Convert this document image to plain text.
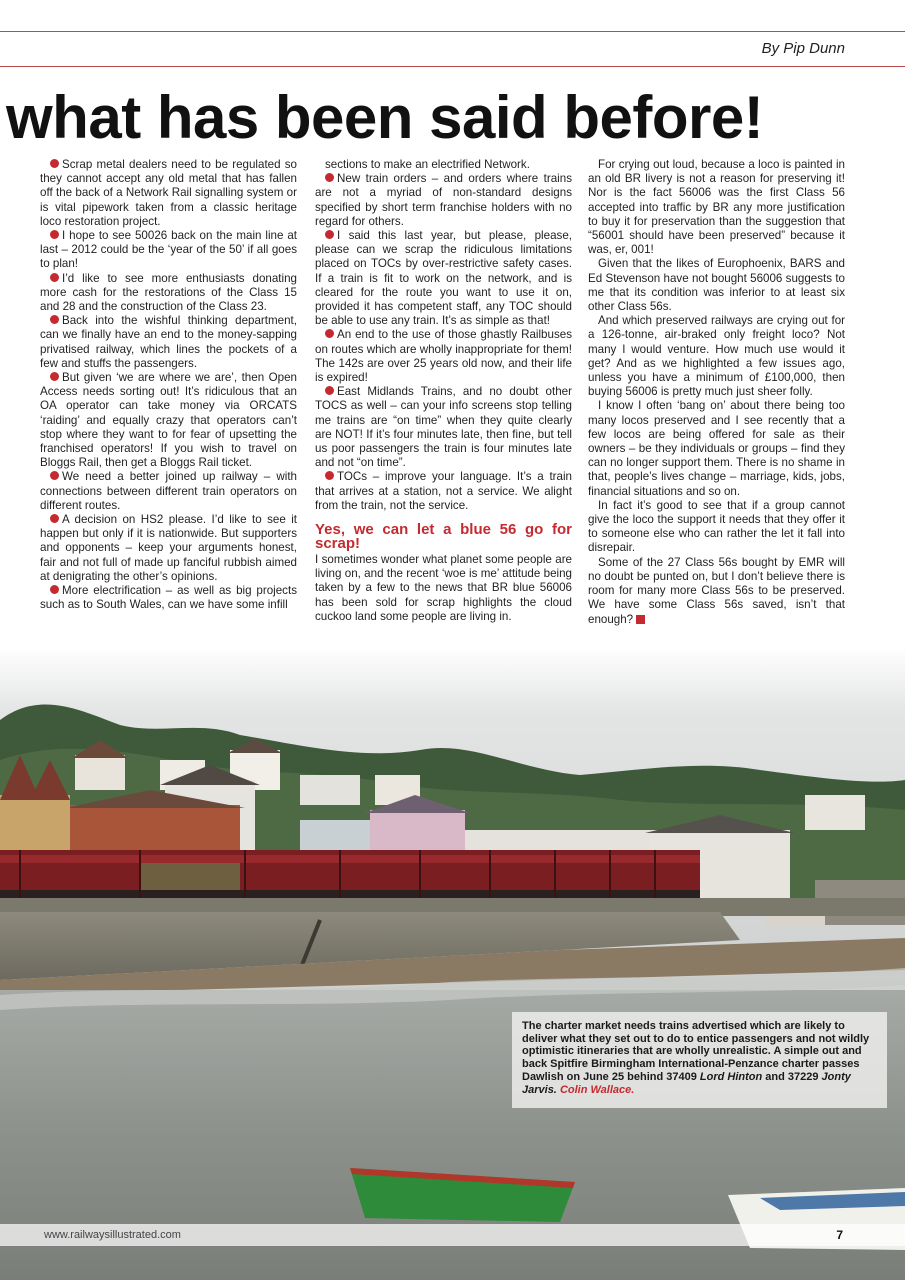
By Pip Dunn
what has been said before!

Scrap metal dealers need to be regulated so they cannot accept any old metal that has fallen off the back of a Network Rail signalling system or is vital pipework taken from a classic heritage loco restoration project.

I hope to see 50026 back on the main line at last – 2012 could be the ‘year of the 50’ if all goes to plan!

I’d like to see more enthusiasts donating more cash for the restorations of the Class 15 and 28 and the construction of the Class 23.

Back into the wishful thinking department, can we finally have an end to the money-sapping privatised railway, which lines the pockets of a few and stuffs the passengers.

But given ‘we are where we are’, then Open Access needs sorting out! It’s ridiculous that an OA operator can take money via ORCATS ‘raiding’ and equally crazy that operators can’t stop where they want to for fear of upsetting the franchised operators! If you wish to travel on Bloggs Rail, then get a Bloggs Rail ticket.

We need a better joined up railway – with connections between different train operators on different routes.

A decision on HS2 please. I’d like to see it happen but only if it is nationwide. But supporters and opponents – keep your arguments honest, fair and not full of made up fanciful rubbish aimed at denigrating the other’s opinions.

More electrification – as well as big projects such as to South Wales, can we have some infill

sections to make an electrified Network.

New train orders – and orders where trains are not a myriad of non-standard designs specified by short term franchise holders with no regard for others.

I said this last year, but please, please, please can we scrap the ridiculous limitations placed on TOCs by over-restrictive safety cases. If a train is fit to work on the network, and is cleared for the route you want to use it on, provided it has competent staff, any TOC should be able to use any train. It’s as simple as that!

An end to the use of those ghastly Railbuses on routes which are wholly inappropriate for them! The 142s are over 25 years old now, and their life is expired!

East Midlands Trains, and no doubt other TOCS as well – can your info screens stop telling me trains are “on time” when they quite clearly are NOT! If it’s four minutes late, then fine, but tell us poor passengers the train is four minutes late and not “on time”.

TOCs – improve your language. It’s a train that arrives at a station, not a service. We alight from the train, not the service.

Yes, we can let a blue 56 go for scrap!

I sometimes wonder what planet some people are living on, and the recent ‘woe is me’ attitude being taken by a few to the news that BR blue 56006 has been sold for scrap highlights the cloud cuckoo land some people are living in.

For crying out loud, because a loco is painted in an old BR livery is not a reason for preserving it! Nor is the fact 56006 was the first Class 56 accepted into traffic by BR any more justification to buy it for preservation than the suggestion that “56001 should have been preserved” because it was, er, 001!

Given that the likes of Europhoenix, BARS and Ed Stevenson have not bought 56006 suggests to me that its condition was inferior to at least six other Class 56s.

And which preserved railways are crying out for a 126-tonne, air-braked only freight loco? Not many I would venture. How much use would it get? And as we highlighted a few issues ago, unless you have a minimum of £100,000, then buying 56006 is pretty much just sheer folly.

I know I often ‘bang on’ about there being too many locos preserved and I see recently that a few locos are being offered for sale as their owners – be they individuals or groups – find they can no longer support them. There is no shame in that, people’s lives change – marriage, kids, jobs, financial situations and so on.

In fact it’s good to see that if a group cannot give the loco the support it needs that they offer it to someone else who can rather the let it fall into disrepair.

Some of the 27 Class 56s bought by EMR will no doubt be punted on, but I don’t believe there is room for many more Class 56s to be preserved. We have some Class 56s saved, isn’t that enough?

The charter market needs trains advertised which are likely to deliver what they set out to do to entice passengers and not wildly optimistic itineraries that are wholly unrealistic. A simple out and back Spitfire Birmingham International-Penzance charter passes Dawlish on June 25 behind 37409 Lord Hinton and 37229 Jonty Jarvis. Colin Wallace.
www.railwaysillustrated.com	7
